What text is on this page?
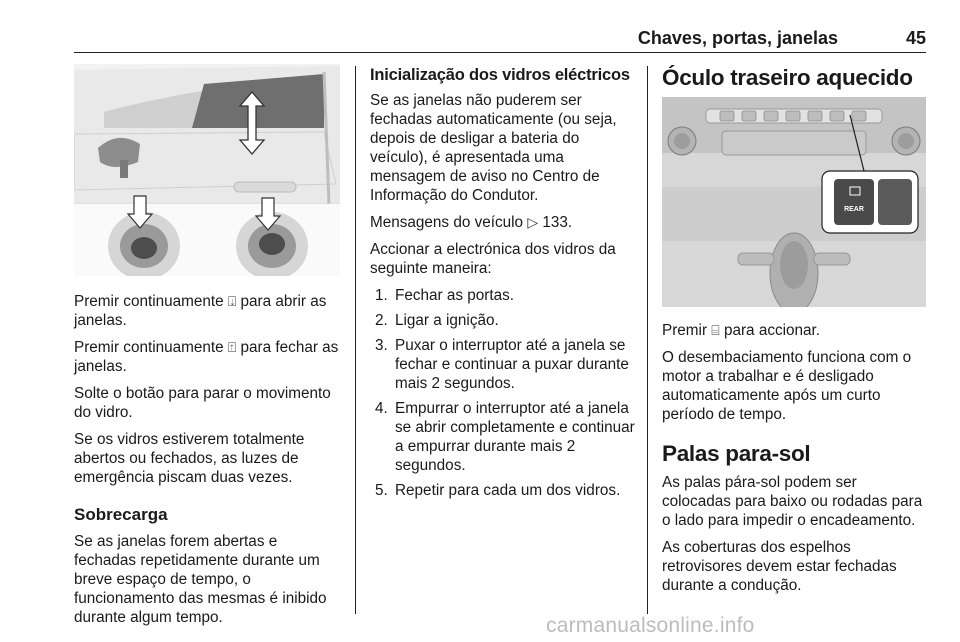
Chaves, portas, janelas	45

Premir continuamente ⍗ para abrir as janelas.

Premir continuamente ⍐ para fechar as janelas.

Solte o botão para parar o movimento do vidro.

Se os vidros estiverem totalmente abertos ou fechados, as luzes de emergência piscam duas vezes.

Sobrecarga

Se as janelas forem abertas e fechadas repetidamente durante um breve espaço de tempo, o funcionamento das mesmas é inibido durante algum tempo.

Inicialização dos vidros eléctricos

Se as janelas não puderem ser fechadas automaticamente (ou seja, depois de desligar a bateria do veículo), é apresentada uma mensagem de aviso no Centro de Informação do Condutor.

Mensagens do veículo ▷ 133.

Accionar a electrónica dos vidros da seguinte maneira:

1. Fechar as portas.
2. Ligar a ignição.
3. Puxar o interruptor até a janela se fechar e continuar a puxar durante mais 2 segundos.
4. Empurrar o interruptor até a janela se abrir completamente e continuar a empurrar durante mais 2 segundos.
5. Repetir para cada um dos vidros.
Óculo traseiro aquecido
REAR

Premir ⌸ para accionar.

O desembaciamento funciona com o motor a trabalhar e é desligado automaticamente após um curto período de tempo.

Palas para-sol

As palas pára-sol podem ser colocadas para baixo ou rodadas para o lado para impedir o encadeamento.

As coberturas dos espelhos retrovisores devem estar fechadas durante a condução.

carmanualsonline.info
